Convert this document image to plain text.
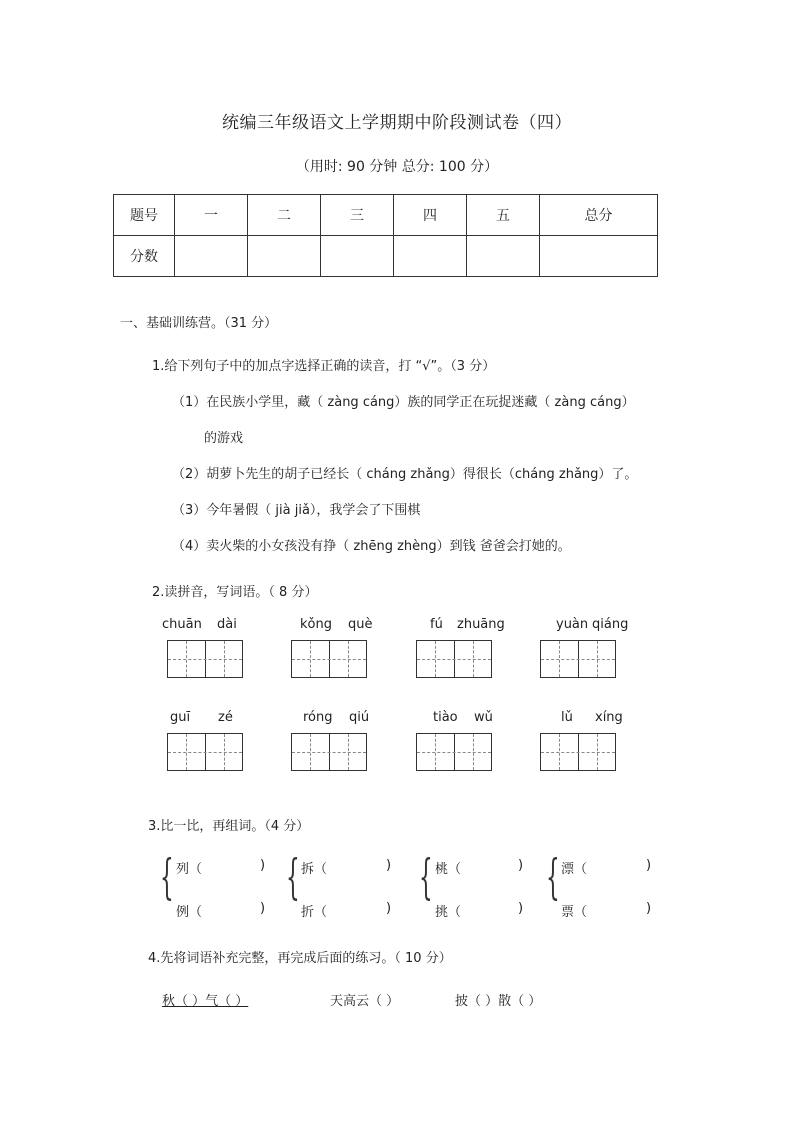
统编三年级语文上学期期中阶段测试卷（四）
（用时: 90 分钟 总分: 100 分）
题号	一	二	三	四	五	总分
分数						
一、基础训练营。（31 分）
1.给下列句子中的加点字选择正确的读音，打 “√”。（3 分）
（1）在民族小学里，藏（ zàng cáng）族的同学正在玩捉迷藏（ zàng cáng）
的游戏
（2）胡萝卜先生的胡子已经长（ cháng zhǎng）得很长（cháng zhǎng）了。
（3）今年暑假（ jià jiǎ），我学会了下围棋
（4）卖火柴的小女孩没有挣（ zhēng zhèng）到钱 爸爸会打她的。
2.读拼音，写词语。（ 8 分）
chuān dài	kǒng què	fú zhuāng	yuàn qiáng
guī zé	róng qiú	tiào wǔ	lǔ xíng
3.比一比，再组词。（4 分）
{ 列（	)
例（	)
{ 拆（	)
折（	)
{ 桃（	)
挑（	)
{ 漂（	)
票（	)
4.先将词语补充完整，再完成后面的练习。（ 10 分）
秋（ ）气（ ）	天高云（ ）	披（ ）散（ ）
